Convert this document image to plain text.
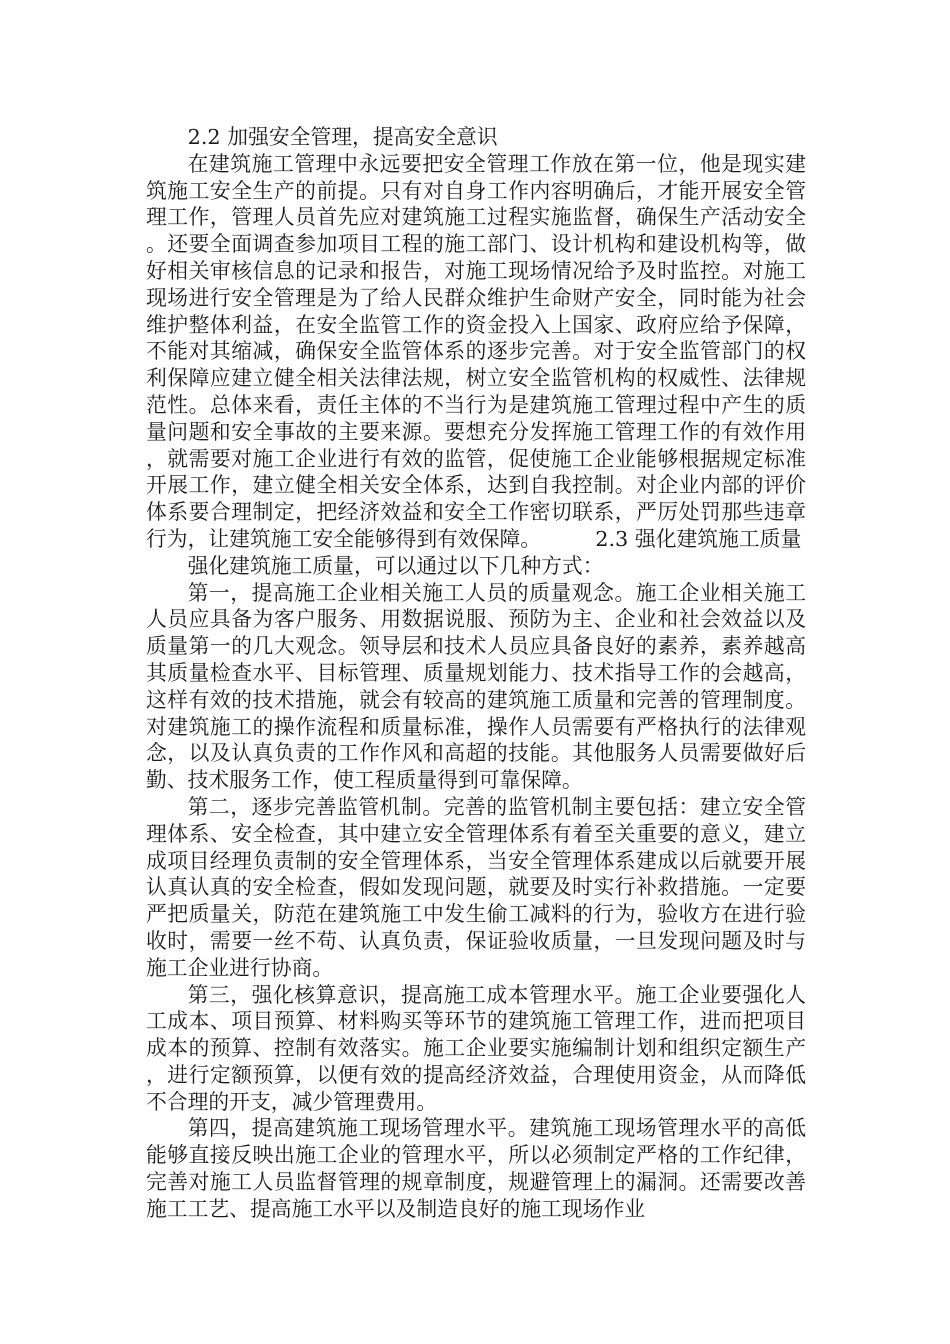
2.2 加强安全管理，提高安全意识

在建筑施工管理中永远要把安全管理工作放在第一位，他是现实建筑施工安全生产的前提。只有对自身工作内容明确后，才能开展安全管理工作，管理人员首先应对建筑施工过程实施监督，确保生产活动安全。还要全面调查参加项目工程的施工部门、设计机构和建设机构等，做好相关审核信息的记录和报告，对施工现场情况给予及时监控。对施工现场进行安全管理是为了给人民群众维护生命财产安全，同时能为社会维护整体利益，在安全监管工作的资金投入上国家、政府应给予保障，不能对其缩减，确保安全监管体系的逐步完善。对于安全监管部门的权利保障应建立健全相关法律法规，树立安全监管机构的权威性、法律规范性。总体来看，责任主体的不当行为是建筑施工管理过程中产生的质量问题和安全事故的主要来源。要想充分发挥施工管理工作的有效作用，就需要对施工企业进行有效的监管，促使施工企业能够根据规定标准开展工作，建立健全相关安全体系，达到自我控制。对企业内部的评价体系要合理制定，把经济效益和安全工作密切联系，严厉处罚那些违章行为，让建筑施工安全能够得到有效保障。	2.3 强化建筑施工质量

强化建筑施工质量，可以通过以下几种方式：

第一，提高施工企业相关施工人员的质量观念。施工企业相关施工人员应具备为客户服务、用数据说服、预防为主、企业和社会效益以及质量第一的几大观念。领导层和技术人员应具备良好的素养，素养越高其质量检查水平、目标管理、质量规划能力、技术指导工作的会越高，这样有效的技术措施，就会有较高的建筑施工质量和完善的管理制度。对建筑施工的操作流程和质量标准，操作人员需要有严格执行的法律观念，以及认真负责的工作作风和高超的技能。其他服务人员需要做好后勤、技术服务工作，使工程质量得到可靠保障。

第二，逐步完善监管机制。完善的监管机制主要包括：建立安全管理体系、安全检查，其中建立安全管理体系有着至关重要的意义，建立成项目经理负责制的安全管理体系，当安全管理体系建成以后就要开展认真认真的安全检查，假如发现问题，就要及时实行补救措施。一定要严把质量关，防范在建筑施工中发生偷工减料的行为，验收方在进行验收时，需要一丝不苟、认真负责，保证验收质量，一旦发现问题及时与施工企业进行协商。

第三，强化核算意识，提高施工成本管理水平。施工企业要强化人工成本、项目预算、材料购买等环节的建筑施工管理工作，进而把项目成本的预算、控制有效落实。施工企业要实施编制计划和组织定额生产，进行定额预算，以便有效的提高经济效益，合理使用资金，从而降低不合理的开支，减少管理费用。

第四，提高建筑施工现场管理水平。建筑施工现场管理水平的高低能够直接反映出施工企业的管理水平，所以必须制定严格的工作纪律，完善对施工人员监督管理的规章制度，规避管理上的漏洞。还需要改善施工工艺、提高施工水平以及制造良好的施工现场作业
